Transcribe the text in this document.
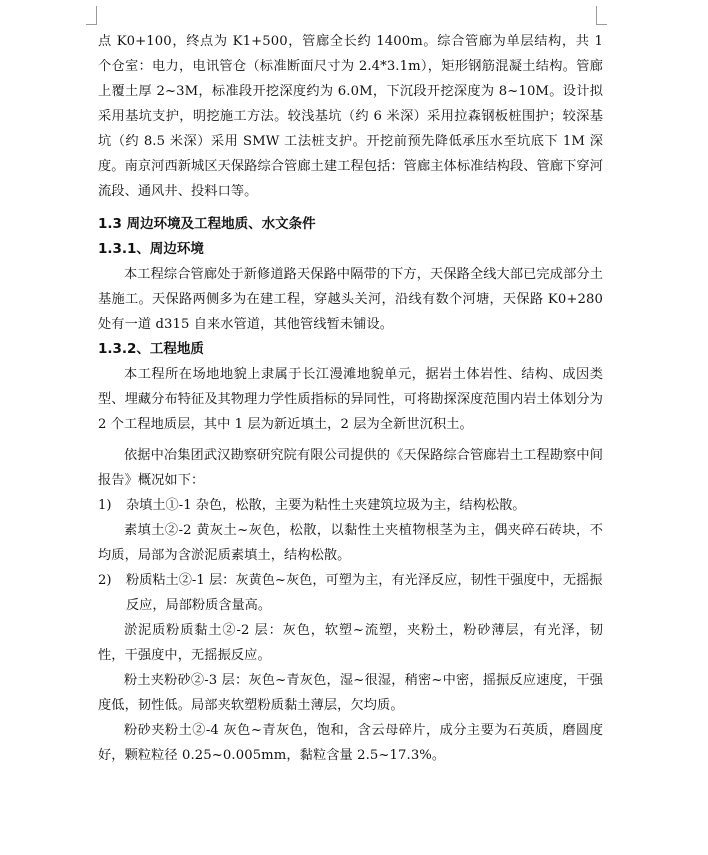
点 K0+100，终点为 K1+500，管廊全长约 1400m。综合管廊为单层结构，共 1 个仓室：电力，电讯管仓（标准断面尺寸为 2.4*3.1m），矩形钢筋混凝土结构。管廊上覆土厚 2~3M，标准段开挖深度约为 6.0M，下沉段开挖深度为 8~10M。设计拟采用基坑支护，明挖施工方法。较浅基坑（约 6 米深）采用拉森钢板桩围护；较深基坑（约 8.5 米深）采用 SMW 工法桩支护。开挖前预先降低承压水至坑底下 1M 深度。南京河西新城区天保路综合管廊土建工程包括：管廊主体标准结构段、管廊下穿河流段、通风井、投料口等。

1.3 周边环境及工程地质、水文条件

1.3.1、周边环境

本工程综合管廊处于新修道路天保路中隔带的下方，天保路全线大部已完成部分土基施工。天保路两侧多为在建工程，穿越头关河，沿线有数个河塘，天保路 K0+280 处有一道 d315 自来水管道，其他管线暂未铺设。

1.3.2、工程地质

本工程所在场地地貌上隶属于长江漫滩地貌单元，据岩土体岩性、结构、成因类型、埋藏分布特征及其物理力学性质指标的异同性，可将勘探深度范围内岩土体划分为 2 个工程地质层，其中 1 层为新近填土，2 层为全新世沉积土。

依据中冶集团武汉勘察研究院有限公司提供的《天保路综合管廊岩土工程勘察中间报告》概况如下：

1)	杂填土①-1 杂色，松散，主要为粘性土夹建筑垃圾为主，结构松散。

素填土②-2 黄灰土~灰色，松散，以黏性土夹植物根茎为主，偶夹碎石砖块，不均质，局部为含淤泥质素填土，结构松散。

2)	粉质粘土②-1 层：灰黄色~灰色，可塑为主，有光泽反应，韧性干强度中，无摇振反应，局部粉质含量高。

淤泥质粉质黏土②-2 层：灰色，软塑~流塑，夹粉土，粉砂薄层，有光泽，韧性，干强度中，无摇振反应。

粉土夹粉砂②-3 层：灰色~青灰色，湿~很湿，稍密~中密，摇振反应速度，干强度低，韧性低。局部夹软塑粉质黏土薄层，欠均质。

粉砂夹粉土②-4 灰色~青灰色，饱和，含云母碎片，成分主要为石英质，磨圆度好，颗粒粒径 0.25~0.005mm，黏粒含量 2.5~17.3%。
